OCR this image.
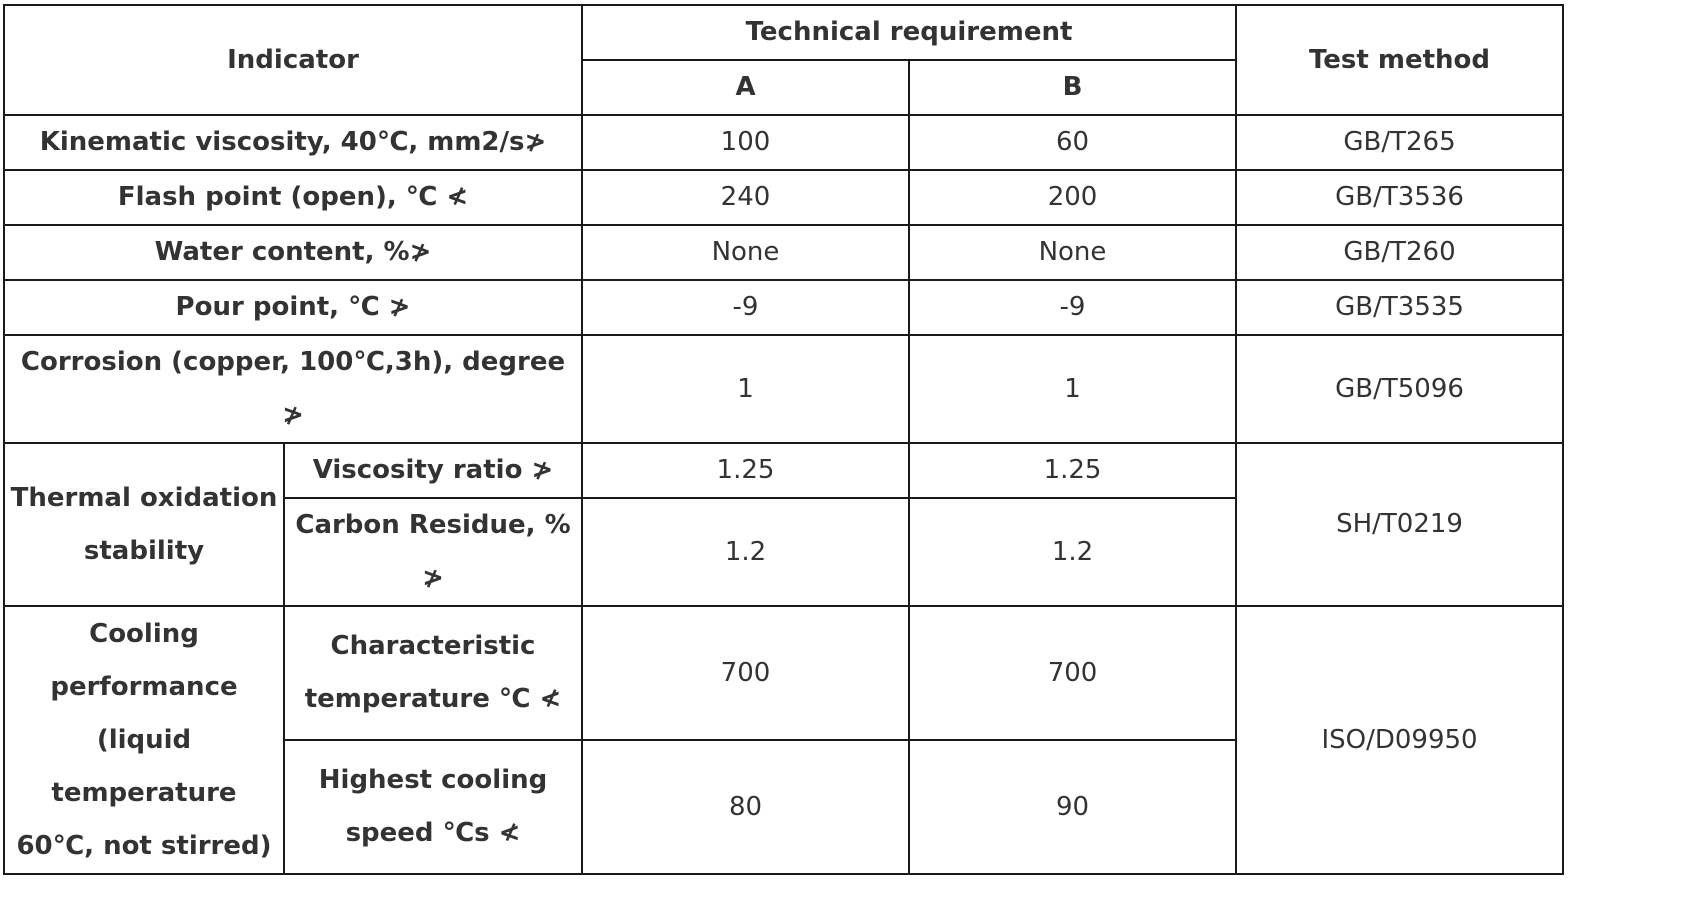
Indicator		Technical requirement		Test method
		A	B	
Kinematic viscosity, 40℃, mm2/s≯		100	60	GB/T265
Flash point (open), ℃ ≮		240	200	GB/T3536
Water content, %≯		None	None	GB/T260
Pour point, ℃ ≯		-9	-9	GB/T3535
Corrosion (copper, 100℃,3h), degree ≯		1	1	GB/T5096
Thermal oxidation stability	Viscosity ratio ≯	1.25	1.25	SH/T0219
	Carbon Residue, % ≯	1.2	1.2	
Cooling performance (liquid temperature 60℃, not stirred)	Characteristic temperature ℃ ≮	700	700	ISO/D09950
	Highest cooling speed ℃s ≮	80	90	
